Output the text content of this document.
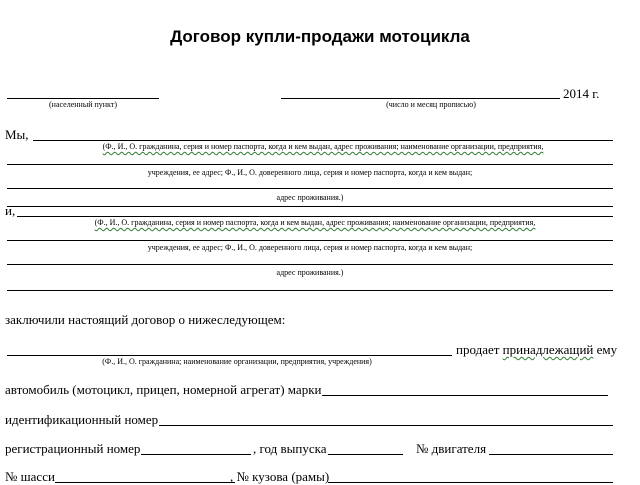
Договор купли-продажи мотоцикла
(населенный пункт)	(число и месяц прописью)
2014 г.
Мы,
(Ф., И., О. гражданина, серия и номер паспорта, когда и кем выдан, адрес проживания; наименование организации, предприятия,
учреждения, ее адрес; Ф., И., О. доверенного лица, серия и номер паспорта, когда и кем выдан;
адрес проживания.)
и,
(Ф., И., О. гражданина, серия и номер паспорта, когда и кем выдан, адрес проживания; наименование организации, предприятия,
учреждения, ее адрес; Ф., И., О. доверенного лица, серия и номер паспорта, когда и кем выдан;
адрес проживания.)
заключили настоящий договор о нижеследующем:
продает принадлежащий ему
(Ф., И., О. гражданина; наименование организации, предприятия, учреждения)
автомобиль (мотоцикл, прицеп, номерной агрегат) марки
идентификационный номер
регистрационный номер	, год выпуска	№ двигателя
№ шасси	, № кузова (рамы)
